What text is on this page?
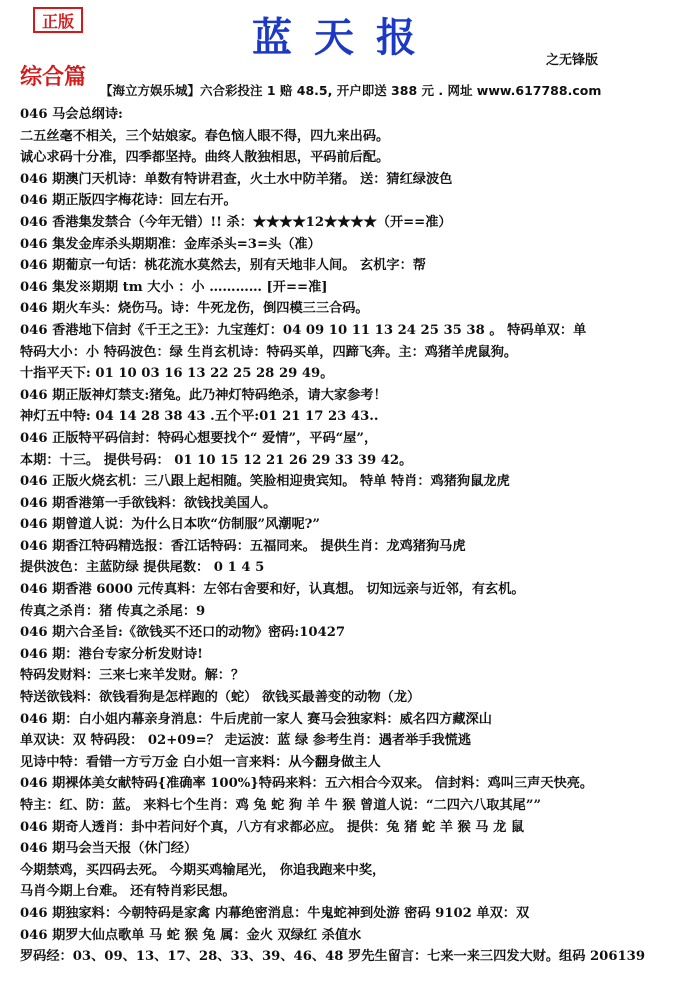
正版	蓝天报	之无锋版
综合篇
【海立方娱乐城】六合彩投注 1 赔 48.5, 开户即送 388 元 . 网址 www.617788.com
046 马会总纲诗:
二五丝毫不相关，三个姑娘家。春色恼人眼不得，四九来出码。
诚心求码十分准，四季都坚持。曲终人散独相思，平码前后配。
046 期澳门天机诗：单数有特讲君查，火土水中防羊猪。 送：猜红绿波色
046 期正版四字梅花诗：回左右开。
046 香港集发禁合（今年无错）!! 杀：★★★★12★★★★（开==准）
046 集发金库杀头期期准：金库杀头=3=头（准）
046 期葡京一句话：桃花流水莫然去，别有天地非人间。 玄机字：帮
046 集发※期期 tm 大小 ：小 ………… [开==准]
046 期火车头：烧伤马。诗：牛死龙伤，倒四模三三合码。
046 香港地下信封《千王之王》：九宝莲灯：04 09 10 11 13 24 25 35 38 。 特码单双：单
特码大小：小 特码波色：绿 生肖玄机诗：特码买单，四蹄飞奔。主：鸡猪羊虎鼠狗。
十指平天下: 01 10 03 16 13 22 25 28 29 49。
046 期正版神灯禁支:猪兔。此乃神灯特码绝杀，请大家参考！
神灯五中特: 04 14 28 38 43 .五个平:01 21 17 23 43..
046 正版特平码信封：特码心想要找个“ 爱情”，平码“屋”，
本期：十三。 提供号码： 01 10 15 12 21 26 29 33 39 42。
046 正版火烧玄机：三八跟上起相随。笑脸相迎贵宾知。 特单 特肖：鸡猪狗鼠龙虎
046 期香港第一手欲钱料：欲钱找美国人。
046 期曾道人说：为什么日本吹“仿制服”风潮呢?”
046 期香江特码精选报：香江话特码：五福同来。 提供生肖：龙鸡猪狗马虎
提供波色：主蓝防绿 提供尾数： 0 1 4 5
046 期香港 6000 元传真料：左邻右舍要和好，认真想。 切知远亲与近邻，有玄机。
传真之杀肖：猪 传真之杀尾：9
046 期六合圣旨:《欲钱买不还口的动物》密码:10427
046 期：港台专家分析发财诗!
特码发财料：三来七来羊发财。解：？
特送欲钱料：欲钱看狗是怎样跑的（蛇） 欲钱买最善变的动物（龙）
046 期：白小姐内幕亲身消息：牛后虎前一家人 赛马会独家料：威名四方藏深山
单双诀：双 特码段： 02+09=？ 走运波：蓝 绿 参考生肖：遇者举手我慌逃
见诗中特：看错一方亏万金 白小姐一言来料：从今翻身做主人
046 期裸体美女献特码{准确率 100%}特码来料：五六相合今双来。 信封料：鸡叫三声天快亮。
特主：红、防：蓝。 来料七个生肖：鸡 兔 蛇 狗 羊 牛 猴 曾道人说：“二四六八取其尾””
046 期奇人透肖：卦中若问好个真，八方有求都必应。 提供：兔 猪 蛇 羊 猴 马 龙 鼠
046 期马会当天报（休门经）
今期禁鸡，买四码去死。 今期买鸡输尾光， 你追我跑来中奖，
马肖今期上台难。 还有特肖彩民想。
046 期独家料：今朝特码是家禽 内幕绝密消息：牛鬼蛇神到处游 密码 9102 单双：双
046 期罗大仙点歌单 马 蛇 猴 兔 属：金火 双绿红 杀值水
罗码经：03、09、13、17、28、33、39、46、48 罗先生留言：七来一来三四发大财。组码 206139
